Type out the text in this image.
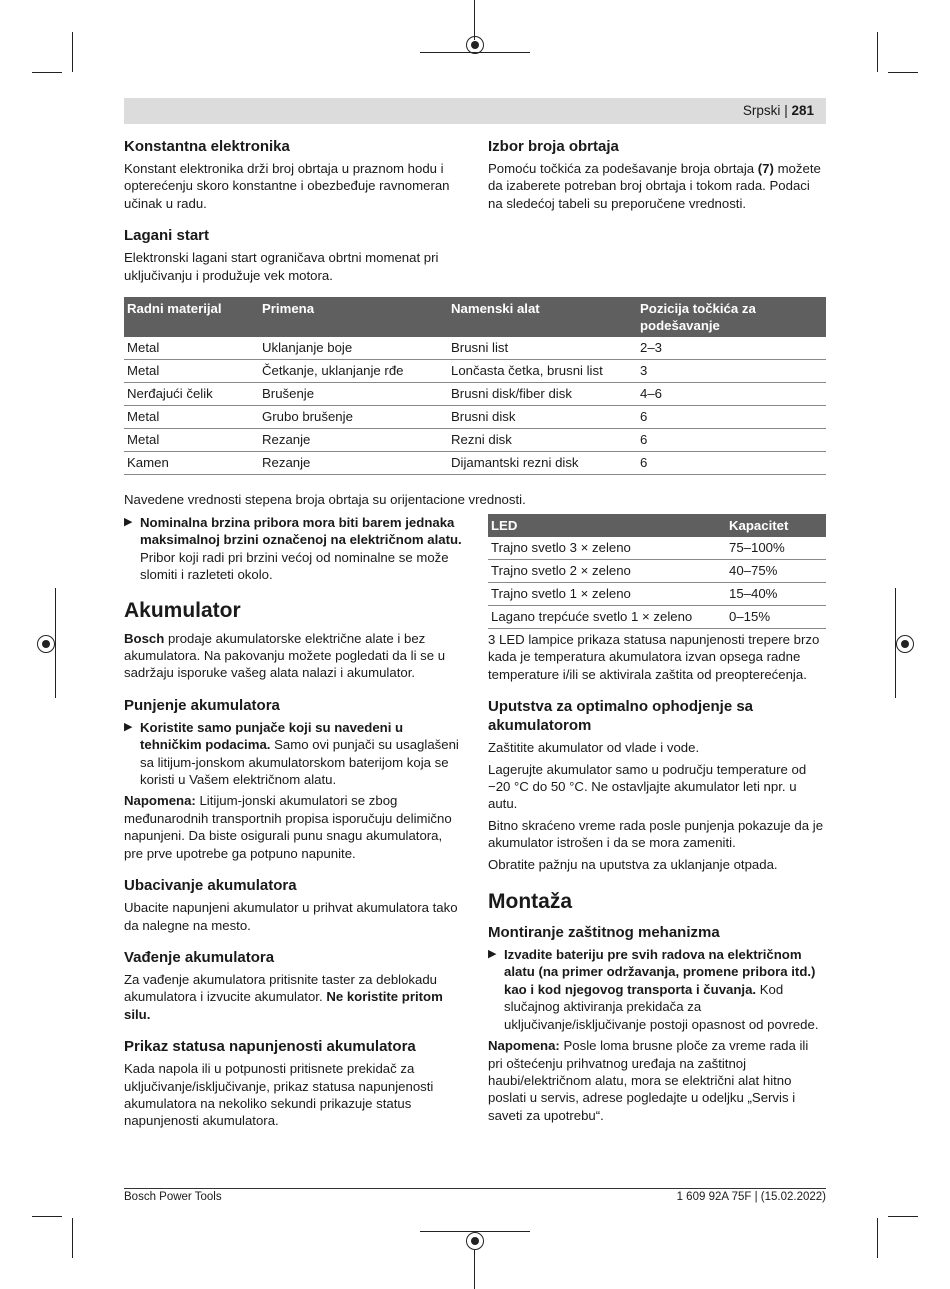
Srpski | 281
Konstantna elektronika

Konstant elektronika drži broj obrtaja u praznom hodu i opterećenju skoro konstantne i obezbeđuje ravnomeran učinak u radu.

Lagani start

Elektronski lagani start ograničava obrtni momenat pri uključivanju i produžuje vek motora.

Izbor broja obrtaja

Pomoću točkića za podešavanje broja obrtaja (7) možete da izaberete potreban broj obrtaja i tokom rada. Podaci na sledećoj tabeli su preporučene vrednosti.

Radni materijal	Primena	Namenski alat	Pozicija točkića za podešavanje
Metal	Uklanjanje boje	Brusni list	2–3
Metal	Četkanje, uklanjanje rđe	Lončasta četka, brusni list	3
Nerđajući čelik	Brušenje	Brusni disk/fiber disk	4–6
Metal	Grubo brušenje	Brusni disk	6
Metal	Rezanje	Rezni disk	6
Kamen	Rezanje	Dijamantski rezni disk	6
Navedene vrednosti stepena broja obrtaja su orijentacione vrednosti.
▶ Nominalna brzina pribora mora biti barem jednaka maksimalnoj brzini označenoj na električnom alatu. Pribor koji radi pri brzini većoj od nominalne se može slomiti i razleteti okolo.
Akumulator

Bosch prodaje akumulatorske električne alate i bez akumulatora. Na pakovanju možete pogledati da li se u sadržaju isporuke vašeg alata nalazi i akumulator.

Punjenje akumulatora
▶ Koristite samo punjače koji su navedeni u tehničkim podacima. Samo ovi punjači su usaglašeni sa litijum-jonskom akumulatorskom baterijom koja se koristi u Vašem električnom alatu.

Napomena: Litijum-jonski akumulatori se zbog međunarodnih transportnih propisa isporučuju delimično napunjeni. Da biste osigurali punu snagu akumulatora, pre prve upotrebe ga potpuno napunite.

Ubacivanje akumulatora

Ubacite napunjeni akumulator u prihvat akumulatora tako da nalegne na mesto.

Vađenje akumulatora

Za vađenje akumulatora pritisnite taster za deblokadu akumulatora i izvucite akumulator. Ne koristite pritom silu.

Prikaz statusa napunjenosti akumulatora

Kada napola ili u potpunosti pritisnete prekidač za uključivanje/isključivanje, prikaz statusa napunjenosti akumulatora na nekoliko sekundi prikazuje status napunjenosti akumulatora.

LED	Kapacitet
Trajno svetlo 3 × zeleno	75–100%
Trajno svetlo 2 × zeleno	40–75%
Trajno svetlo 1 × zeleno	15–40%
Lagano trepćuće svetlo 1 × zeleno	0–15%

3 LED lampice prikaza statusa napunjenosti trepere brzo kada je temperatura akumulatora izvan opsega radne temperature i/ili se aktivirala zaštita od preopterećenja.

Uputstva za optimalno ophodjenje sa akumulatorom

Zaštitite akumulator od vlade i vode.

Lagerujte akumulator samo u području temperature od −20 °C do 50 °C. Ne ostavljajte akumulator leti npr. u autu.

Bitno skraćeno vreme rada posle punjenja pokazuje da je akumulator istrošen i da se mora zameniti.

Obratite pažnju na uputstva za uklanjanje otpada.

Montaža
Montiranje zaštitnog mehanizma
▶ Izvadite bateriju pre svih radova na električnom alatu (na primer održavanja, promene pribora itd.) kao i kod njegovog transporta i čuvanja. Kod slučajnog aktiviranja prekidača za uključivanje/isključivanje postoji opasnost od povrede.

Napomena: Posle loma brusne ploče za vreme rada ili pri oštećenju prihvatnog uređaja na zaštitnoj haubi/električnom alatu, mora se električni alat hitno poslati u servis, adrese pogledajte u odeljku „Servis i saveti za upotrebu“.

Bosch Power Tools	1 609 92A 75F | (15.02.2022)
